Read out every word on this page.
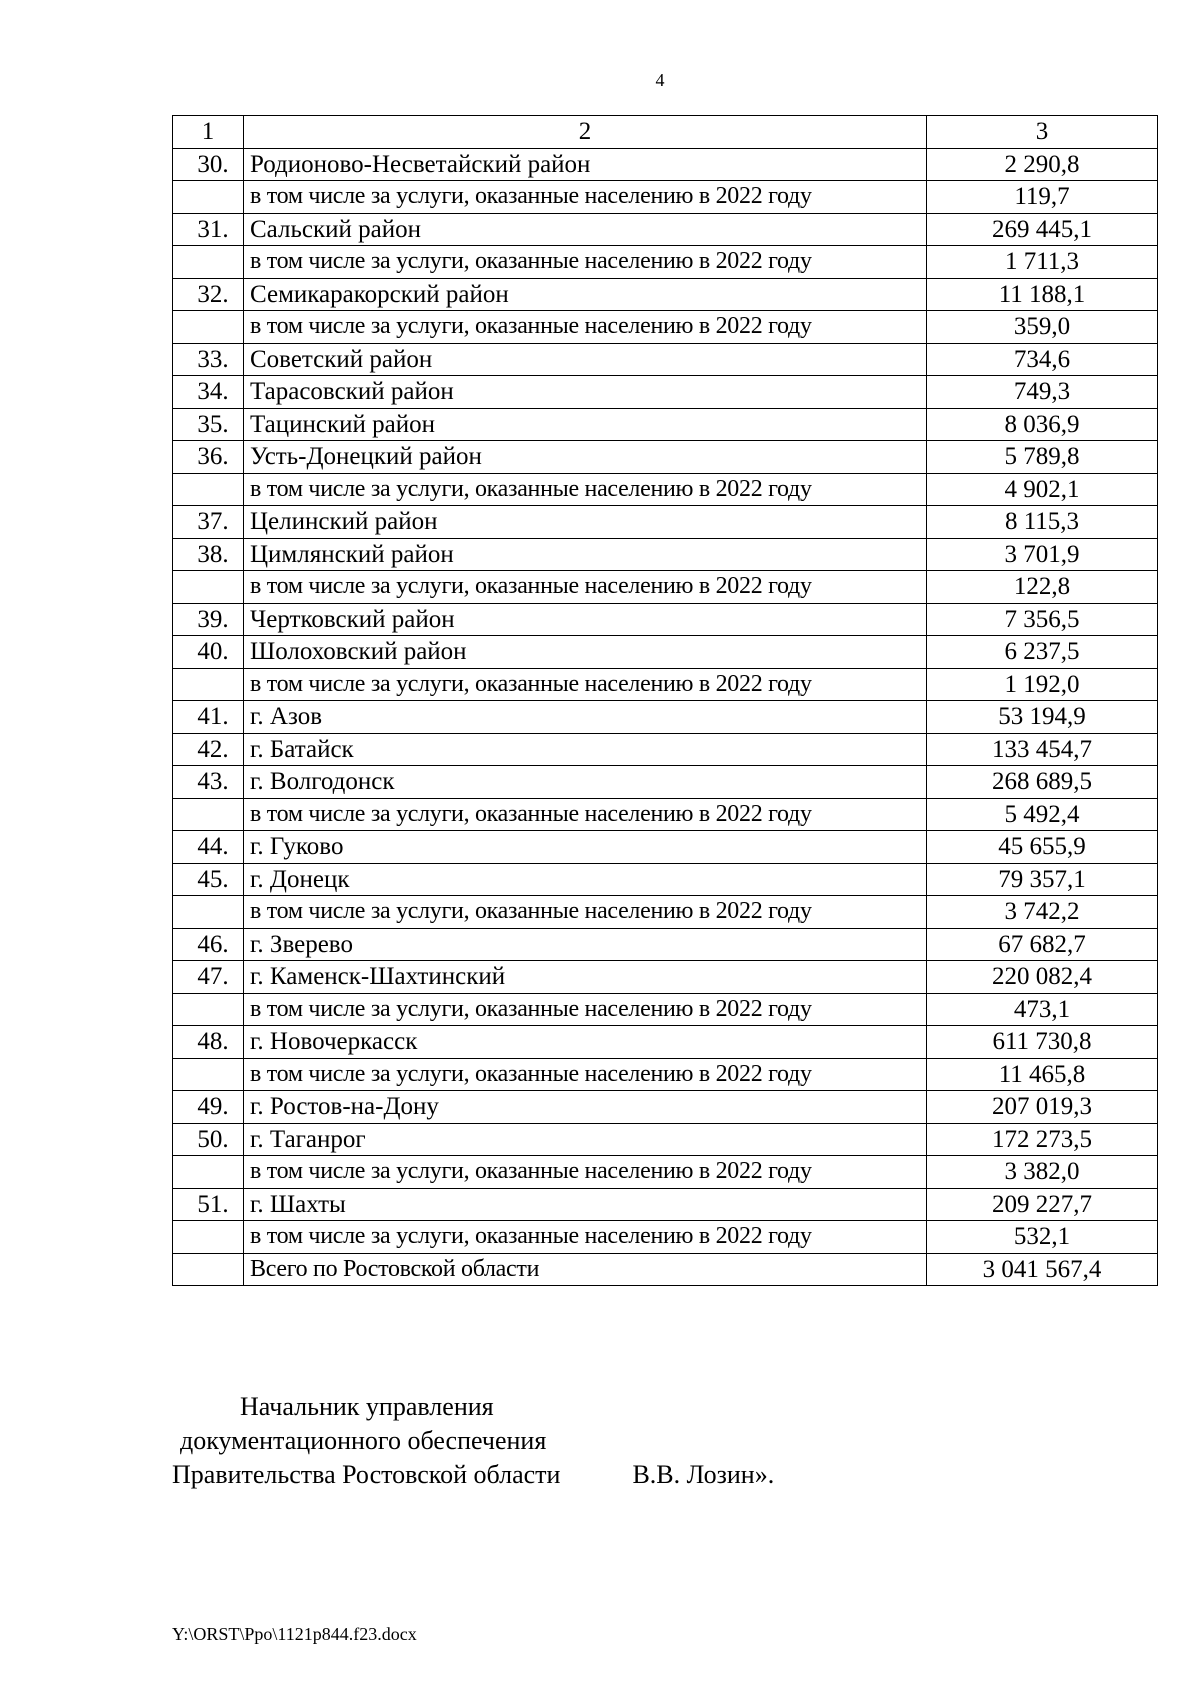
4
1	2	3
30.	Родионово-Несветайский район	2 290,8
	в том числе за услуги, оказанные населению в 2022 году	119,7
31.	Сальский район	269 445,1
	в том числе за услуги, оказанные населению в 2022 году	1 711,3
32.	Семикаракорский район	11 188,1
	в том числе за услуги, оказанные населению в 2022 году	359,0
33.	Советский район	734,6
34.	Тарасовский район	749,3
35.	Тацинский район	8 036,9
36.	Усть-Донецкий район	5 789,8
	в том числе за услуги, оказанные населению в 2022 году	4 902,1
37.	Целинский район	8 115,3
38.	Цимлянский район	3 701,9
	в том числе за услуги, оказанные населению в 2022 году	122,8
39.	Чертковский район	7 356,5
40.	Шолоховский район	6 237,5
	в том числе за услуги, оказанные населению в 2022 году	1 192,0
41.	г. Азов	53 194,9
42.	г. Батайск	133 454,7
43.	г. Волгодонск	268 689,5
	в том числе за услуги, оказанные населению в 2022 году	5 492,4
44.	г. Гуково	45 655,9
45.	г. Донецк	79 357,1
	в том числе за услуги, оказанные населению в 2022 году	3 742,2
46.	г. Зверево	67 682,7
47.	г. Каменск-Шахтинский	220 082,4
	в том числе за услуги, оказанные населению в 2022 году	473,1
48.	г. Новочеркасск	611 730,8
	в том числе за услуги, оказанные населению в 2022 году	11 465,8
49.	г. Ростов-на-Дону	207 019,3
50.	г. Таганрог	172 273,5
	в том числе за услуги, оказанные населению в 2022 году	3 382,0
51.	г. Шахты	209 227,7
	в том числе за услуги, оказанные населению в 2022 году	532,1
	Всего по Ростовской области	3 041 567,4
Начальник управления
документационного обеспечения
Правительства Ростовской области	В.В. Лозин».
Y:\ORST\Ppo\1121p844.f23.docx
